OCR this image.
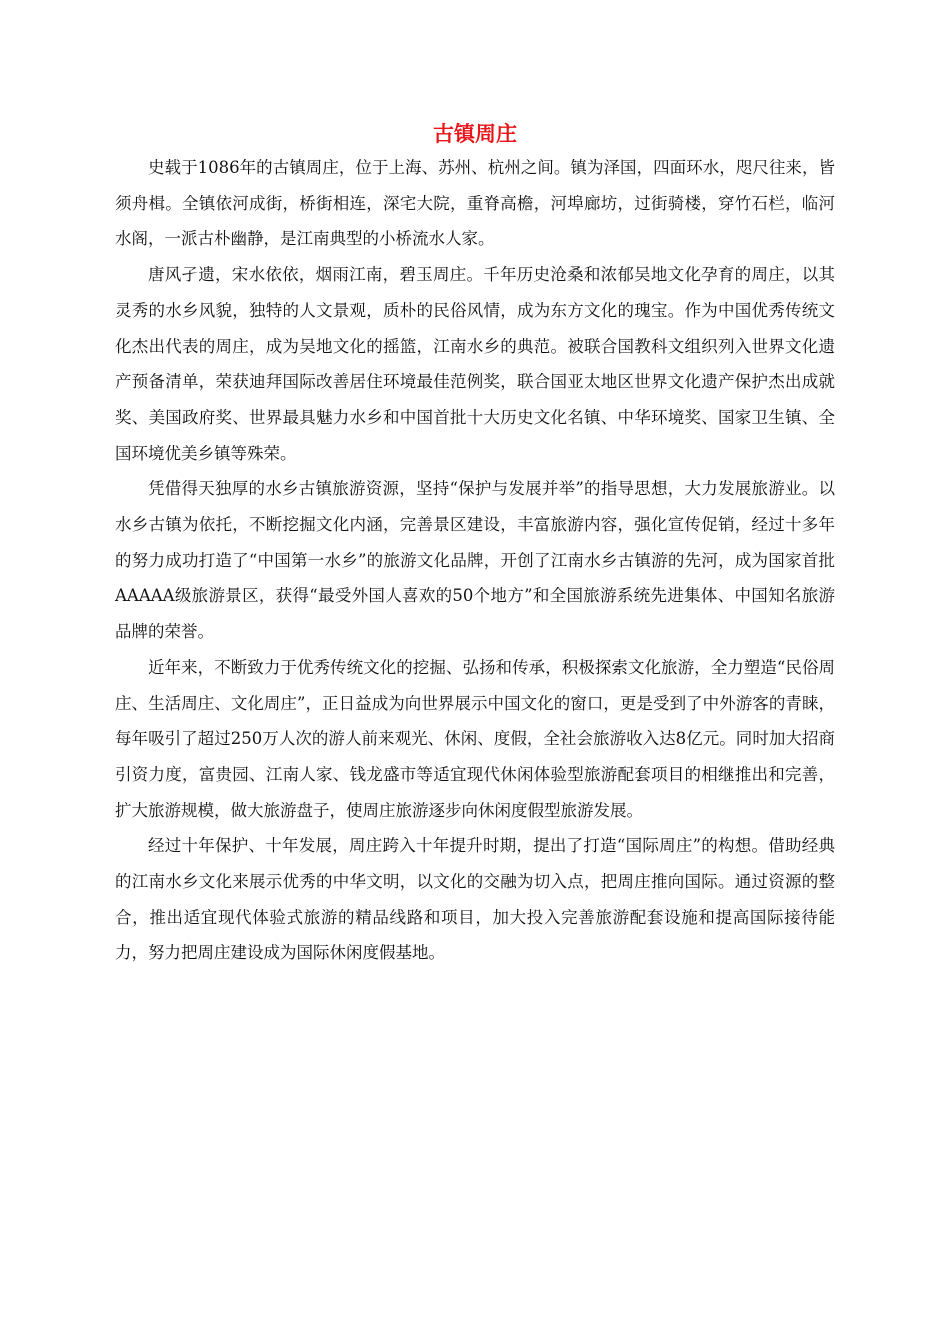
古镇周庄

史载于1086年的古镇周庄，位于上海、苏州、杭州之间。镇为泽国，四面环水，咫尺往来，皆须舟楫。全镇依河成街，桥街相连，深宅大院，重脊高檐，河埠廊坊，过街骑楼，穿竹石栏，临河水阁，一派古朴幽静，是江南典型的小桥流水人家。

唐风孑遗，宋水依依，烟雨江南，碧玉周庄。千年历史沧桑和浓郁吴地文化孕育的周庄，以其灵秀的水乡风貌，独特的人文景观，质朴的民俗风情，成为东方文化的瑰宝。作为中国优秀传统文化杰出代表的周庄，成为吴地文化的摇篮，江南水乡的典范。被联合国教科文组织列入世界文化遗产预备清单，荣获迪拜国际改善居住环境最佳范例奖，联合国亚太地区世界文化遗产保护杰出成就奖、美国政府奖、世界最具魅力水乡和中国首批十大历史文化名镇、中华环境奖、国家卫生镇、全国环境优美乡镇等殊荣。

凭借得天独厚的水乡古镇旅游资源，坚持“保护与发展并举”的指导思想，大力发展旅游业。以水乡古镇为依托，不断挖掘文化内涵，完善景区建设，丰富旅游内容，强化宣传促销，经过十多年的努力成功打造了“中国第一水乡”的旅游文化品牌，开创了江南水乡古镇游的先河，成为国家首批AAAAA级旅游景区，获得“最受外国人喜欢的50个地方”和全国旅游系统先进集体、中国知名旅游品牌的荣誉。

近年来，不断致力于优秀传统文化的挖掘、弘扬和传承，积极探索文化旅游，全力塑造“民俗周庄、生活周庄、文化周庄”，正日益成为向世界展示中国文化的窗口，更是受到了中外游客的青睐，每年吸引了超过250万人次的游人前来观光、休闲、度假，全社会旅游收入达8亿元。同时加大招商引资力度，富贵园、江南人家、钱龙盛市等适宜现代休闲体验型旅游配套项目的相继推出和完善，扩大旅游规模，做大旅游盘子，使周庄旅游逐步向休闲度假型旅游发展。

经过十年保护、十年发展，周庄跨入十年提升时期，提出了打造“国际周庄”的构想。借助经典的江南水乡文化来展示优秀的中华文明，以文化的交融为切入点，把周庄推向国际。通过资源的整合，推出适宜现代体验式旅游的精品线路和项目，加大投入完善旅游配套设施和提高国际接待能力，努力把周庄建设成为国际休闲度假基地。
